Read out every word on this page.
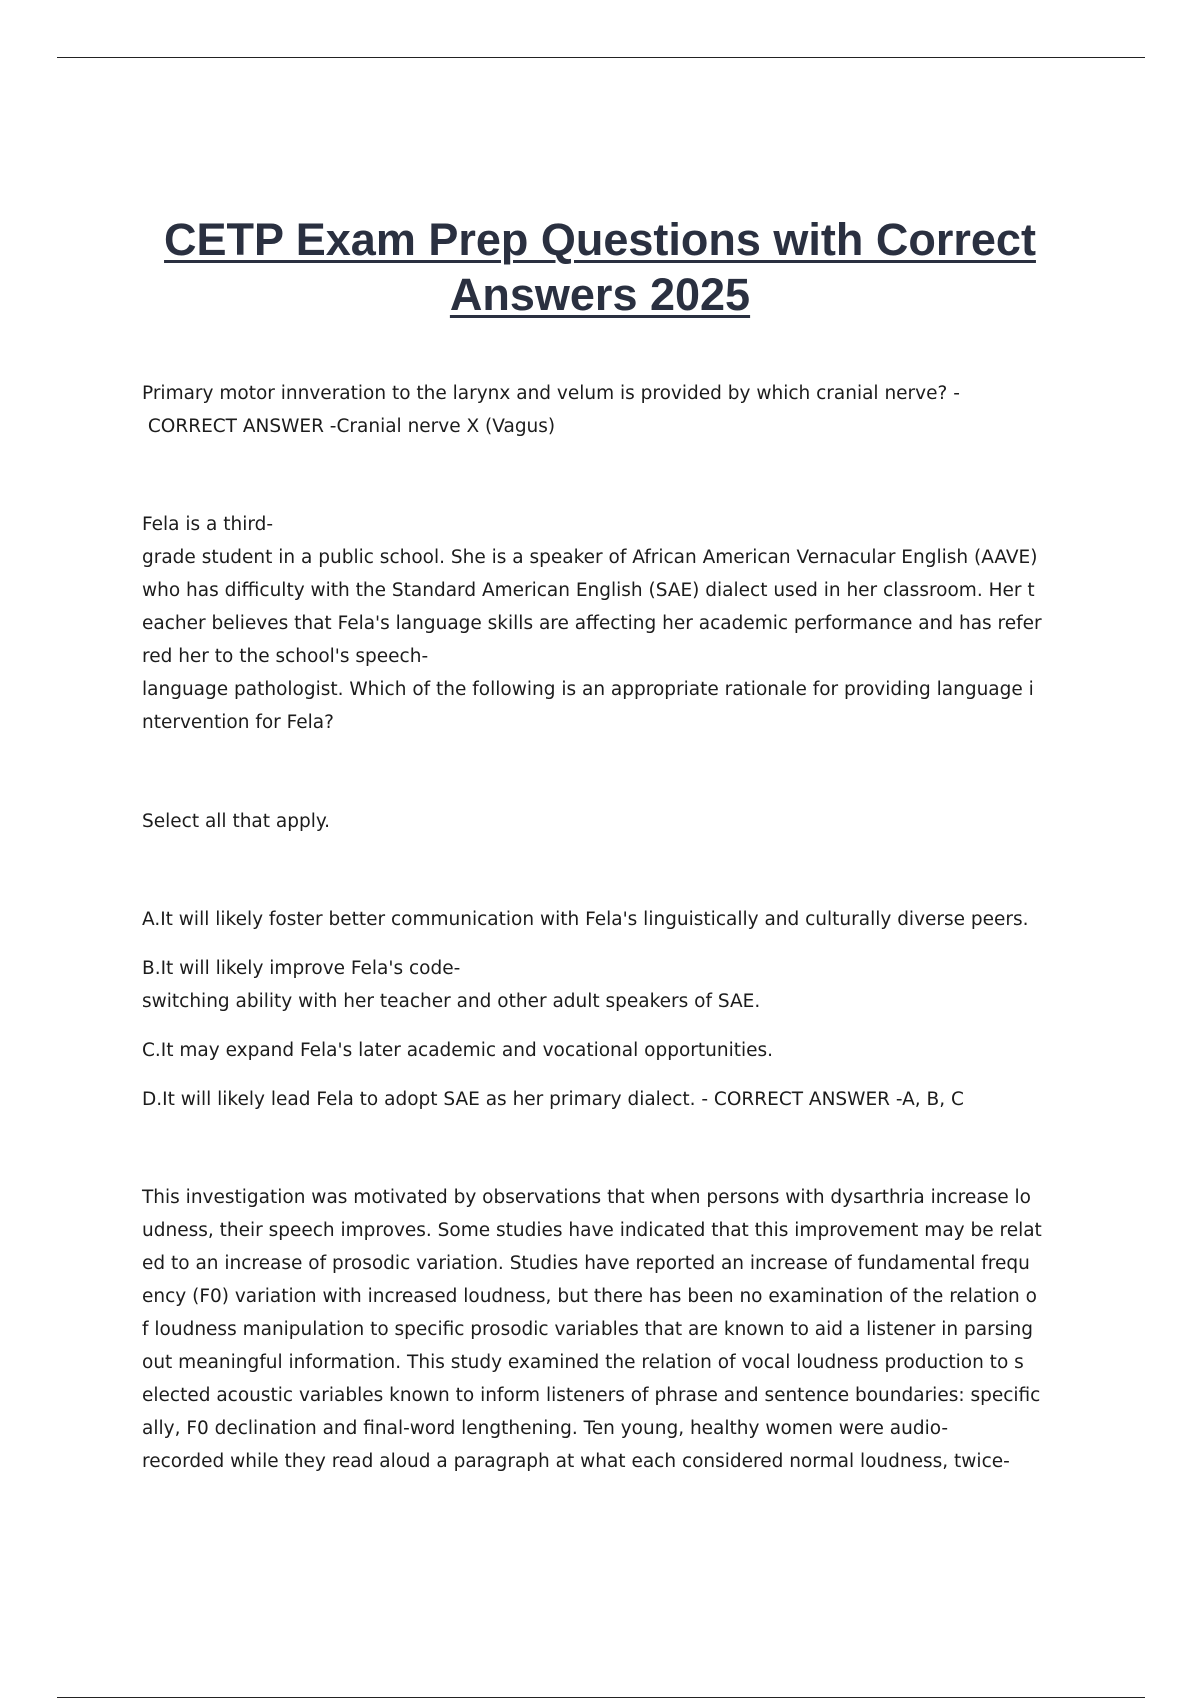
CETP Exam Prep Questions with Correct
Answers 2025
Primary motor innveration to the larynx and velum is provided by which cranial nerve? -
CORRECT ANSWER -Cranial nerve X (Vagus)
Fela is a third-
grade student in a public school. She is a speaker of African American Vernacular English (AAVE)
who has difficulty with the Standard American English (SAE) dialect used in her classroom. Her t
eacher believes that Fela's language skills are affecting her academic performance and has refer
red her to the school's speech-
language pathologist. Which of the following is an appropriate rationale for providing language i
ntervention for Fela?
Select all that apply.
A.It will likely foster better communication with Fela's linguistically and culturally diverse peers.
B.It will likely improve Fela's code-
switching ability with her teacher and other adult speakers of SAE.
C.It may expand Fela's later academic and vocational opportunities.
D.It will likely lead Fela to adopt SAE as her primary dialect. - CORRECT ANSWER -A, B, C
This investigation was motivated by observations that when persons with dysarthria increase lo
udness, their speech improves. Some studies have indicated that this improvement may be relat
ed to an increase of prosodic variation. Studies have reported an increase of fundamental frequ
ency (F0) variation with increased loudness, but there has been no examination of the relation o
f loudness manipulation to specific prosodic variables that are known to aid a listener in parsing
out meaningful information. This study examined the relation of vocal loudness production to s
elected acoustic variables known to inform listeners of phrase and sentence boundaries: specific
ally, F0 declination and final-word lengthening. Ten young, healthy women were audio-
recorded while they read aloud a paragraph at what each considered normal loudness, twice-
